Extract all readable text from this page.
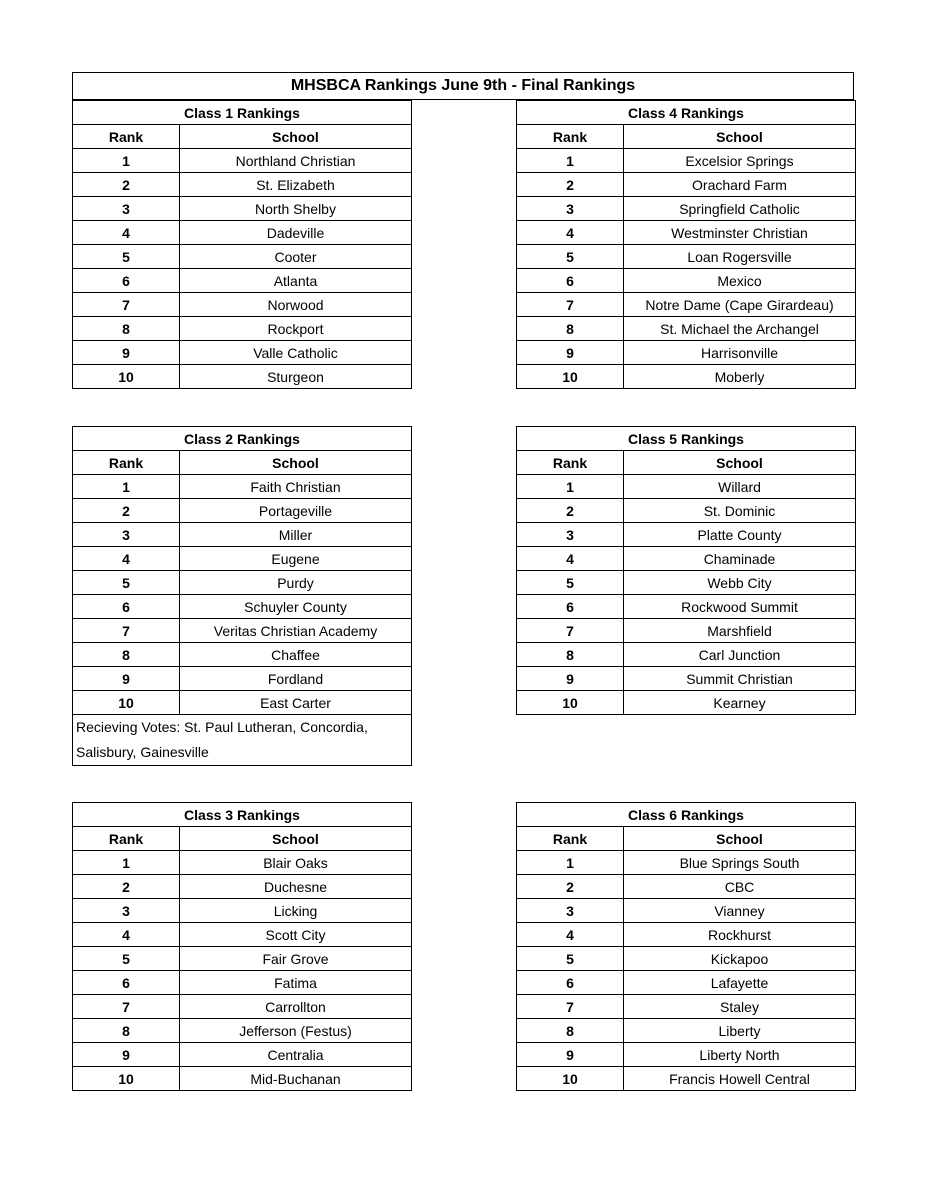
MHSBCA Rankings June 9th - Final Rankings
Class 1 Rankings	
Rank	School
1	Northland Christian
2	St. Elizabeth
3	North Shelby
4	Dadeville
5	Cooter
6	Atlanta
7	Norwood
8	Rockport
9	Valle Catholic
10	Sturgeon
Class 4 Rankings	
Rank	School
1	Excelsior Springs
2	Orachard Farm
3	Springfield Catholic
4	Westminster Christian
5	Loan Rogersville
6	Mexico
7	Notre Dame (Cape Girardeau)
8	St. Michael the Archangel
9	Harrisonville
10	Moberly
Class 2 Rankings	
Rank	School
1	Faith Christian
2	Portageville
3	Miller
4	Eugene
5	Purdy
6	Schuyler County
7	Veritas Christian Academy
8	Chaffee
9	Fordland
10	East Carter
Recieving Votes: St. Paul Lutheran, Concordia, Salisbury, Gainesville	
Class 5 Rankings	
Rank	School
1	Willard
2	St. Dominic
3	Platte County
4	Chaminade
5	Webb City
6	Rockwood Summit
7	Marshfield
8	Carl Junction
9	Summit Christian
10	Kearney
Class 3 Rankings	
Rank	School
1	Blair Oaks
2	Duchesne
3	Licking
4	Scott City
5	Fair Grove
6	Fatima
7	Carrollton
8	Jefferson (Festus)
9	Centralia
10	Mid-Buchanan
Class 6 Rankings	
Rank	School
1	Blue Springs South
2	CBC
3	Vianney
4	Rockhurst
5	Kickapoo
6	Lafayette
7	Staley
8	Liberty
9	Liberty North
10	Francis Howell Central
